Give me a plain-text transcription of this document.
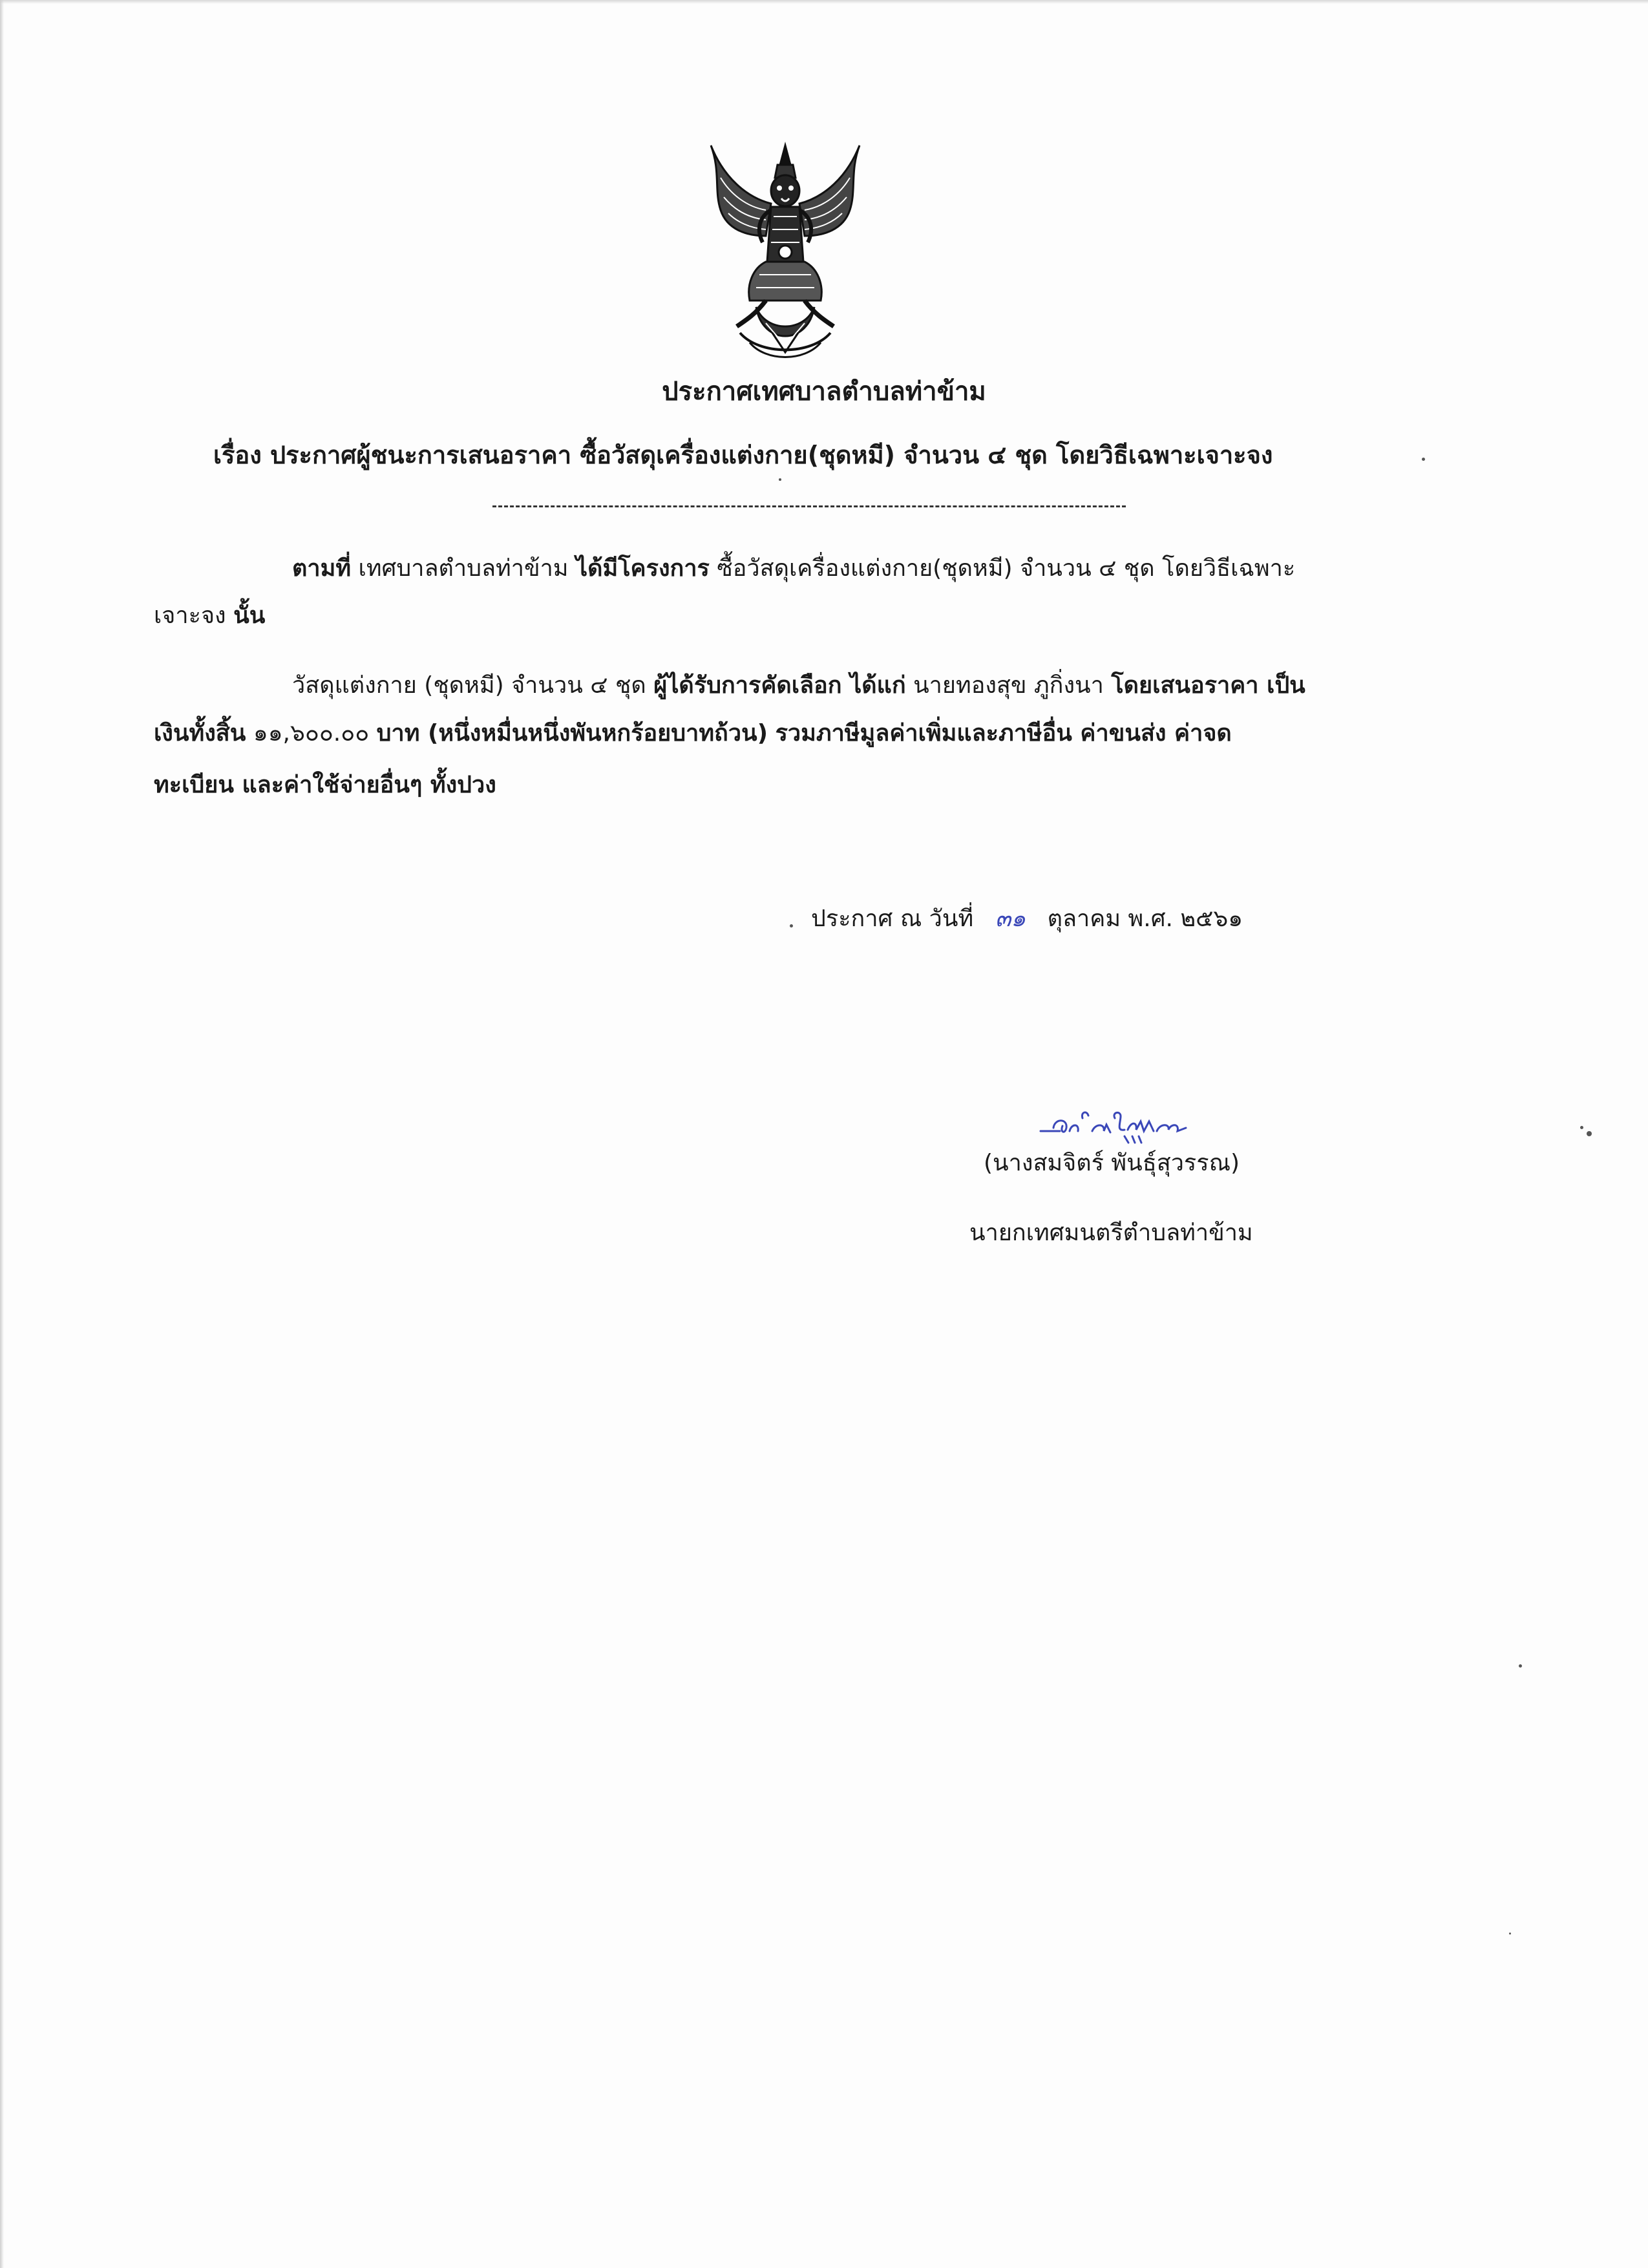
ประกาศเทศบาลตำบลท่าข้าม
เรื่อง ประกาศผู้ชนะการเสนอราคา ซื้อวัสดุเครื่องแต่งกาย(ชุดหมี) จำนวน ๔ ชุด โดยวิธีเฉพาะเจาะจง
ตามที่ เทศบาลตำบลท่าข้าม ได้มีโครงการ ซื้อวัสดุเครื่องแต่งกาย(ชุดหมี) จำนวน ๔ ชุด โดยวิธีเฉพาะ
เจาะจง นั้น
วัสดุแต่งกาย (ชุดหมี) จำนวน ๔ ชุด ผู้ได้รับการคัดเลือก ได้แก่ นายทองสุข ภูกิ่งนา โดยเสนอราคา เป็น
เงินทั้งสิ้น ๑๑,๖๐๐.๐๐ บาท (หนึ่งหมื่นหนึ่งพันหกร้อยบาทถ้วน) รวมภาษีมูลค่าเพิ่มและภาษีอื่น ค่าขนส่ง ค่าจด
ทะเบียน และค่าใช้จ่ายอื่นๆ ทั้งปวง
ประกาศ ณ วันที่ ๓๑ ตุลาคม พ.ศ. ๒๕๖๑
(นางสมจิตร์ พันธุ์สุวรรณ)
นายกเทศมนตรีตำบลท่าข้าม
